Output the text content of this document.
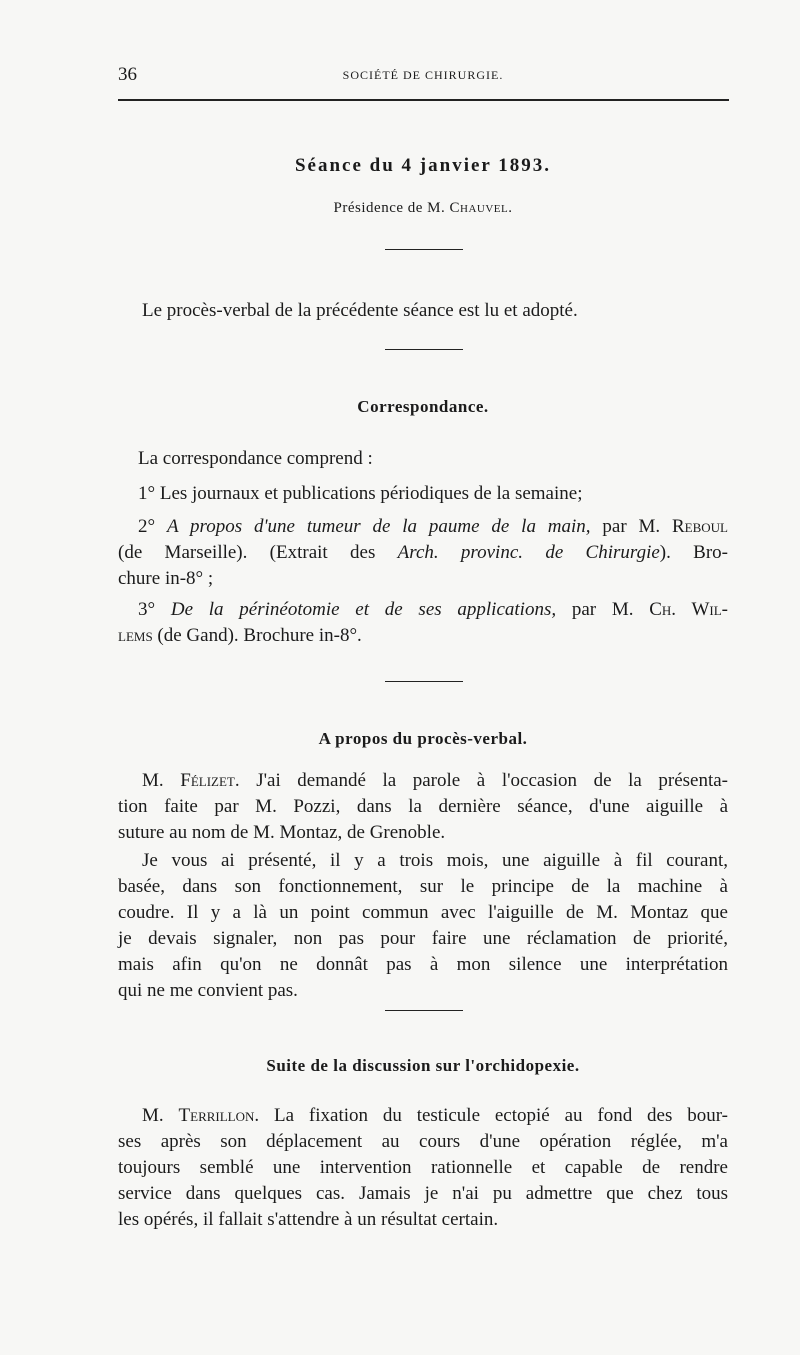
36	SOCIÉTÉ DE CHIRURGIE.
Séance du 4 janvier 1893.
Présidence de M. Chauvel.
Le procès-verbal de la précédente séance est lu et adopté.
Correspondance.
La correspondance comprend :
1° Les journaux et publications périodiques de la semaine;
2° A propos d'une tumeur de la paume de la main, par M. Reboul
(de Marseille). (Extrait des Arch. provinc. de Chirurgie). Bro-
chure in-8° ;
3° De la périnéotomie et de ses applications, par M. Ch. Wil-
lems (de Gand). Brochure in-8°.
A propos du procès-verbal.
M. Félizet. J'ai demandé la parole à l'occasion de la présenta-
tion faite par M. Pozzi, dans la dernière séance, d'une aiguille à
suture au nom de M. Montaz, de Grenoble.
Je vous ai présenté, il y a trois mois, une aiguille à fil courant,
basée, dans son fonctionnement, sur le principe de la machine à
coudre. Il y a là un point commun avec l'aiguille de M. Montaz que
je devais signaler, non pas pour faire une réclamation de priorité,
mais afin qu'on ne donnât pas à mon silence une interprétation
qui ne me convient pas.
Suite de la discussion sur l'orchidopexie.
M. Terrillon. La fixation du testicule ectopié au fond des bour-
ses après son déplacement au cours d'une opération réglée, m'a
toujours semblé une intervention rationnelle et capable de rendre
service dans quelques cas. Jamais je n'ai pu admettre que chez tous
les opérés, il fallait s'attendre à un résultat certain.
